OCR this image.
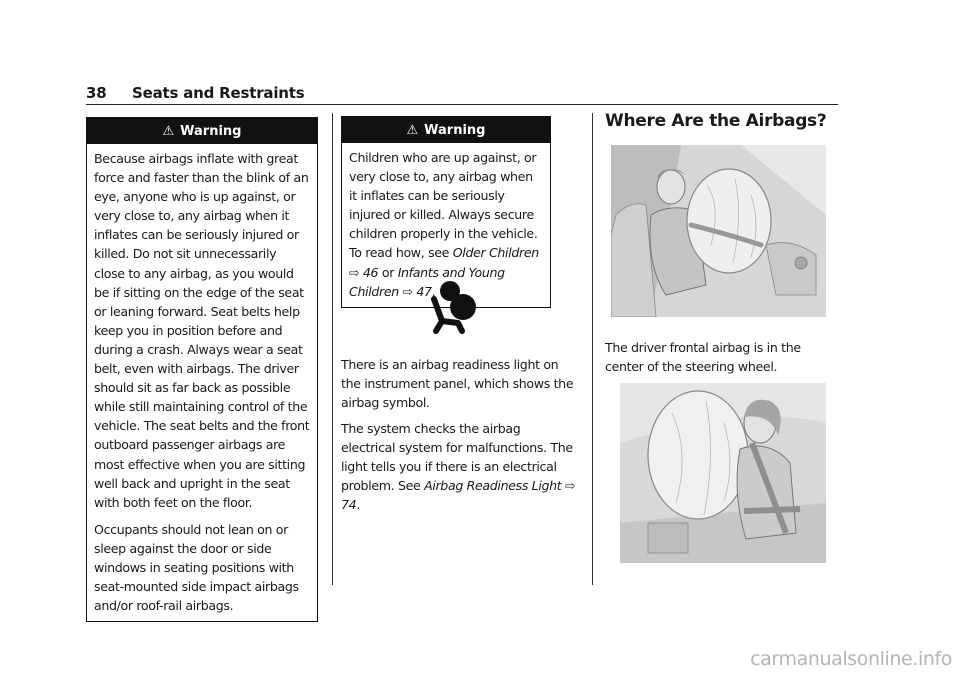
38 Seats and Restraints
⚠ Warning

Because airbags inflate with great force and faster than the blink of an eye, anyone who is up against, or very close to, any airbag when it inflates can be seriously injured or killed. Do not sit unnecessarily close to any airbag, as you would be if sitting on the edge of the seat or leaning forward. Seat belts help keep you in position before and during a crash. Always wear a seat belt, even with airbags. The driver should sit as far back as possible while still maintaining control of the vehicle. The seat belts and the front outboard passenger airbags are most effective when you are sitting well back and upright in the seat with both feet on the floor.

Occupants should not lean on or sleep against the door or side windows in seating positions with seat-mounted side impact airbags and/or roof-rail airbags.

⚠ Warning

Children who are up against, or very close to, any airbag when it inflates can be seriously injured or killed. Always secure children properly in the vehicle. To read how, see Older Children ⇨ 46 or Infants and Young Children ⇨ 47.

There is an airbag readiness light on the instrument panel, which shows the airbag symbol.

The system checks the airbag electrical system for malfunctions. The light tells you if there is an electrical problem. See Airbag Readiness Light ⇨ 74.

Where Are the Airbags?

The driver frontal airbag is in the center of the steering wheel.

carmanualsonline.info
